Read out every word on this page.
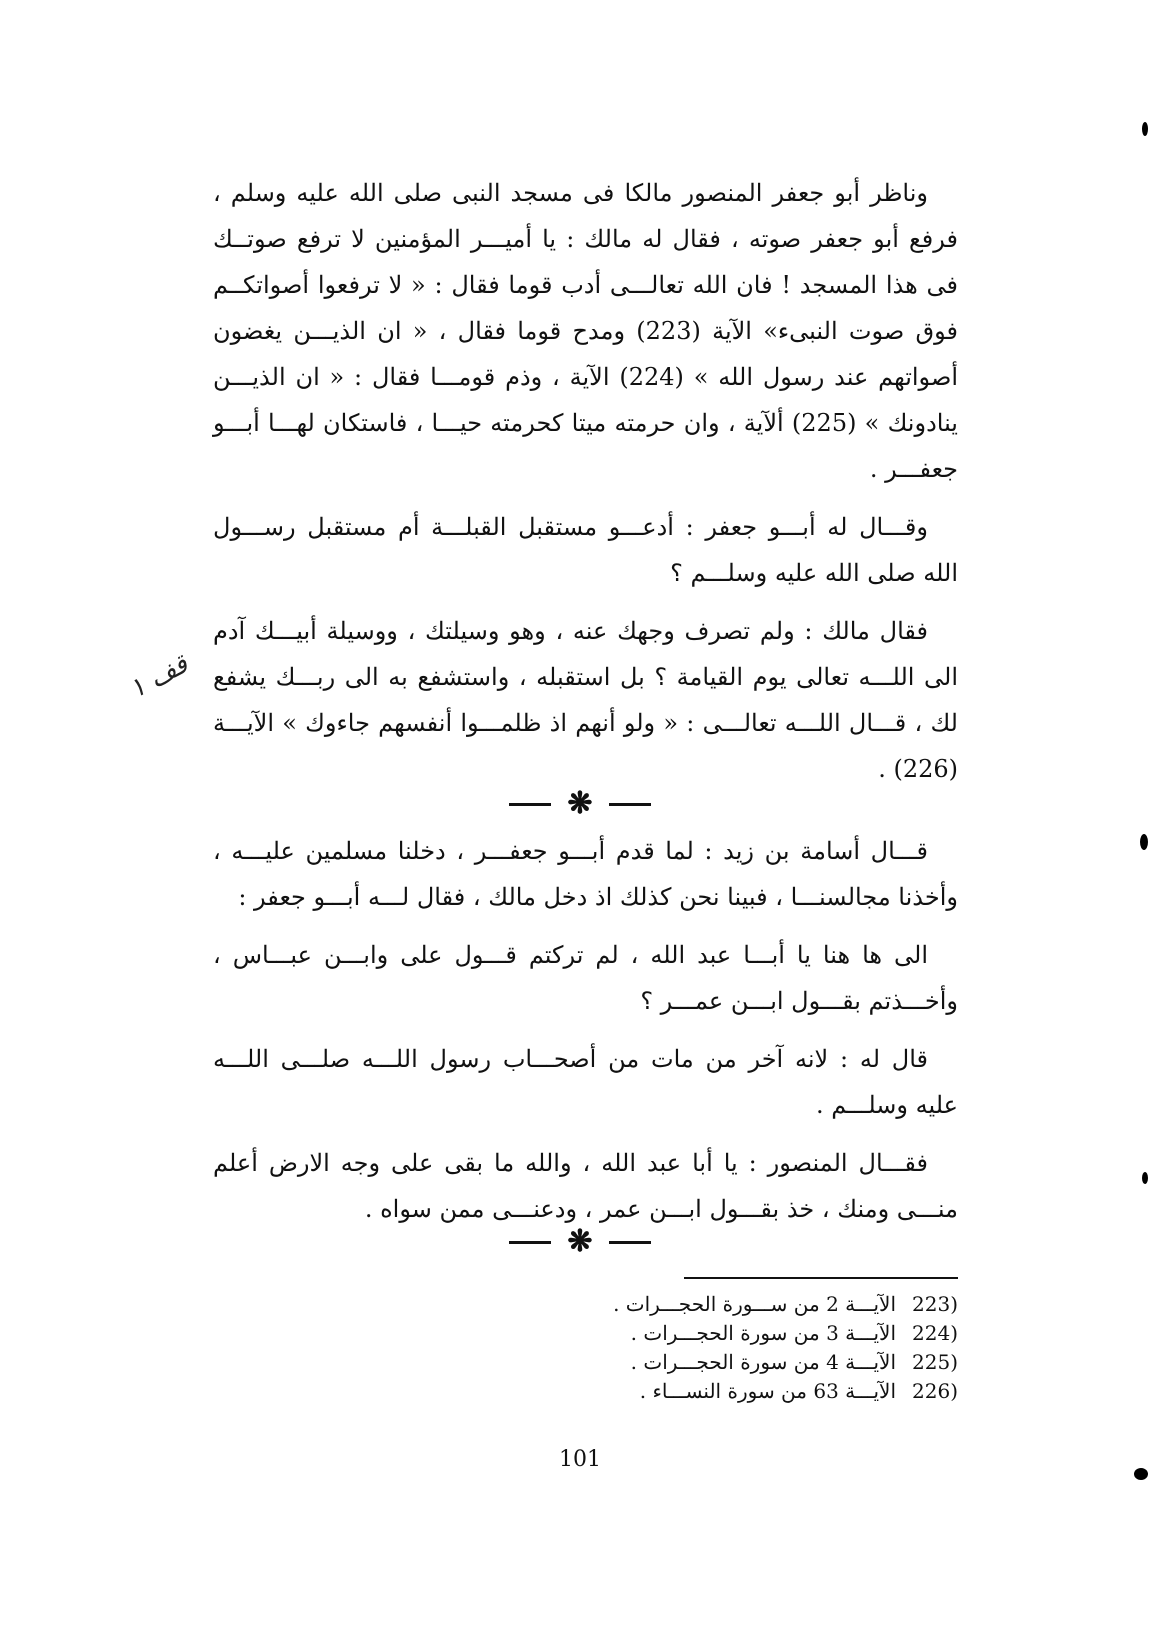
وناظر أبو جعفر المنصور مالكا فى مسجد النبى صلى الله عليه وسلم ، فرفع أبو جعفر صوته ، فقال له مالك : يا أميـــر المؤمنين لا ترفع صوتــك فى هذا المسجد ! فان الله تعالـــى أدب قوما فقال : « لا ترفعوا أصواتكــم فوق صوت النبىء» الآية (223) ومدح قوما فقال ، « ان الذيـــن يغضون أصواتهم عند رسول الله » (224) الآية ، وذم قومـــا فقال : « ان الذيـــن ينادونك » (225) ألآية ، وان حرمته ميتا كحرمته حيـــا ، فاستكان لهـــا أبـــو جعفـــر .

وقـــال له أبـــو جعفر : أدعـــو مستقبل القبلـــة أم مستقبل رســـول الله صلى الله عليه وسلـــم ؟

فقال مالك : ولم تصرف وجهك عنه ، وهو وسيلتك ، ووسيلة أبيـــك آدم الى اللـــه تعالى يوم القيامة ؟ بل استقبله ، واستشفع به الى ربـــك يشفع لك ، قـــال اللـــه تعالـــى : « ولو أنهم اذ ظلمـــوا أنفسهم جاءوك » الآيـــة (226) .

❋

قـــال أسامة بن زيد : لما قدم أبـــو جعفـــر ، دخلنا مسلمين عليـــه ، وأخذنا مجالسنـــا ، فبينا نحن كذلك اذ دخل مالك ، فقال لـــه أبـــو جعفر :

الى ها هنا يا أبـــا عبد الله ، لم تركتم قـــول على وابـــن عبـــاس ، وأخـــذتم بقـــول ابـــن عمـــر ؟

قال له : لانه آخر من مات من أصحـــاب رسول اللـــه صلـــى اللـــه عليه وسلـــم .

فقـــال المنصور : يا أبا عبد الله ، والله ما بقى على وجه الارض أعلم منـــى ومنك ، خذ بقـــول ابـــن عمر ، ودعنـــى ممن سواه .

❋
(223
الآيـــة 2 من ســـورة الحجـــرات .
(224
الآيـــة 3 من سورة الحجـــرات .
(225
الآيـــة 4 من سورة الحجـــرات .
(226
الآيـــة 63 من سورة النســـاء .
101
قف ١
